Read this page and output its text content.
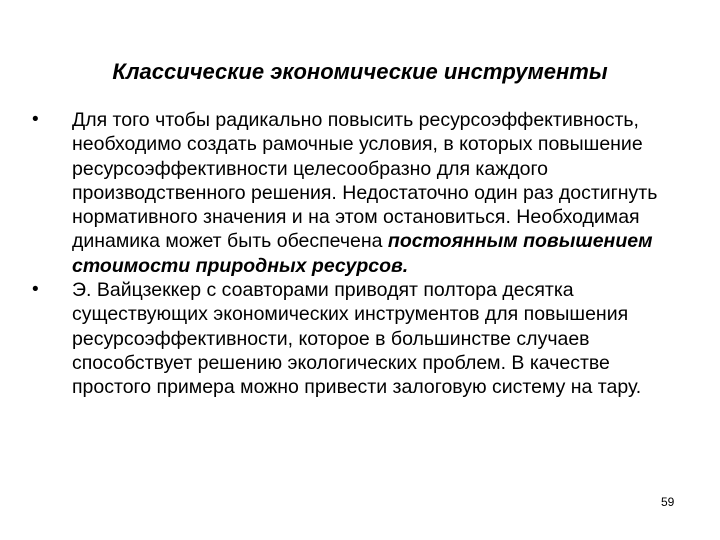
Классические экономические инструменты
• Для того чтобы радикально повысить ресурсоэффективность, необходимо создать рамочные условия, в которых повышение ресурсоэффективности целесообразно для каждого производственного решения. Недостаточно один раз достигнуть нормативного значения и на этом остановиться. Необходимая динамика может быть обеспечена постоянным повышением стоимости природных ресурсов.
• Э. Вайцзеккер с соавторами приводят полтора десятка существующих экономических инструментов для повышения ресурсоэффективности, которое в большинстве случаев способствует решению экологических проблем. В качестве простого примера можно привести залоговую систему на тару.
59
